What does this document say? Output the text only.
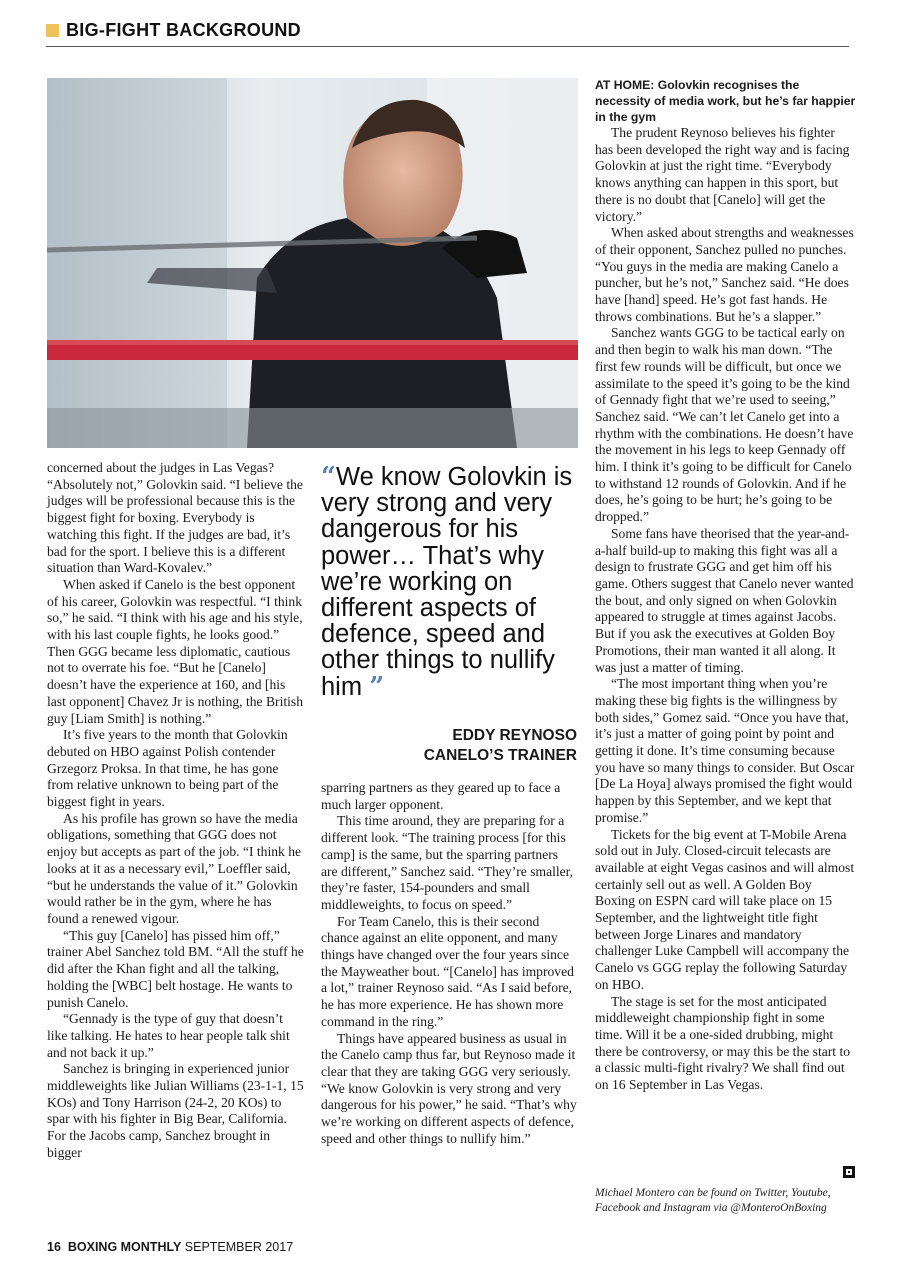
BIG-FIGHT BACKGROUND

concerned about the judges in Las Vegas? “Absolutely not,” Golovkin said. “I believe the judges will be professional because this is the biggest fight for boxing. Everybody is watching this fight. If the judges are bad, it’s bad for the sport. I believe this is a different situation than Ward-Kovalev.”

When asked if Canelo is the best opponent of his career, Golovkin was respectful. “I think so,” he said. “I think with his age and his style, with his last couple fights, he looks good.” Then GGG became less diplomatic, cautious not to overrate his foe. “But he [Canelo] doesn’t have the experience at 160, and [his last opponent] Chavez Jr is nothing, the British guy [Liam Smith] is nothing.”

It’s five years to the month that Golovkin debuted on HBO against Polish contender Grzegorz Proksa. In that time, he has gone from relative unknown to being part of the biggest fight in years.

As his profile has grown so have the media obligations, something that GGG does not enjoy but accepts as part of the job. “I think he looks at it as a necessary evil,” Loeffler said, “but he understands the value of it.” Golovkin would rather be in the gym, where he has found a renewed vigour.

“This guy [Canelo] has pissed him off,” trainer Abel Sanchez told BM. “All the stuff he did after the Khan fight and all the talking, holding the [WBC] belt hostage. He wants to punish Canelo.

“Gennady is the type of guy that doesn’t like talking. He hates to hear people talk shit and not back it up.”

Sanchez is bringing in experienced junior middleweights like Julian Williams (23-1-1, 15 KOs) and Tony Harrison (24-2, 20 KOs) to spar with his fighter in Big Bear, California. For the Jacobs camp, Sanchez brought in bigger

“We know Golovkin is very strong and very dangerous for his power… That’s why we’re working on different aspects of defence, speed and other things to nullify him ”
EDDY REYNOSO
CANELO’S TRAINER

sparring partners as they geared up to face a much larger opponent.

This time around, they are preparing for a different look. “The training process [for this camp] is the same, but the sparring partners are different,” Sanchez said. “They’re smaller, they’re faster, 154-pounders and small middleweights, to focus on speed.”

For Team Canelo, this is their second chance against an elite opponent, and many things have changed over the four years since the Mayweather bout. “[Canelo] has improved a lot,” trainer Reynoso said. “As I said before, he has more experience. He has shown more command in the ring.”

Things have appeared business as usual in the Canelo camp thus far, but Reynoso made it clear that they are taking GGG very seriously. “We know Golovkin is very strong and very dangerous for his power,” he said. “That’s why we’re working on different aspects of defence, speed and other things to nullify him.”

AT HOME: Golovkin recognises the necessity of media work, but he’s far happier in the gym

The prudent Reynoso believes his fighter has been developed the right way and is facing Golovkin at just the right time. “Everybody knows anything can happen in this sport, but there is no doubt that [Canelo] will get the victory.”

When asked about strengths and weaknesses of their opponent, Sanchez pulled no punches. “You guys in the media are making Canelo a puncher, but he’s not,” Sanchez said. “He does have [hand] speed. He’s got fast hands. He throws combinations. But he’s a slapper.”

Sanchez wants GGG to be tactical early on and then begin to walk his man down. “The first few rounds will be difficult, but once we assimilate to the speed it’s going to be the kind of Gennady fight that we’re used to seeing,” Sanchez said. “We can’t let Canelo get into a rhythm with the combinations. He doesn’t have the movement in his legs to keep Gennady off him. I think it’s going to be difficult for Canelo to withstand 12 rounds of Golovkin. And if he does, he’s going to be hurt; he’s going to be dropped.”

Some fans have theorised that the year-and-a-half build-up to making this fight was all a design to frustrate GGG and get him off his game. Others suggest that Canelo never wanted the bout, and only signed on when Golovkin appeared to struggle at times against Jacobs. But if you ask the executives at Golden Boy Promotions, their man wanted it all along. It was just a matter of timing.

“The most important thing when you’re making these big fights is the willingness by both sides,” Gomez said. “Once you have that, it’s just a matter of going point by point and getting it done. It’s time consuming because you have so many things to consider. But Oscar [De La Hoya] always promised the fight would happen by this September, and we kept that promise.”

Tickets for the big event at T-Mobile Arena sold out in July. Closed-circuit telecasts are available at eight Vegas casinos and will almost certainly sell out as well. A Golden Boy Boxing on ESPN card will take place on 15 September, and the lightweight title fight between Jorge Linares and mandatory challenger Luke Campbell will accompany the Canelo vs GGG replay the following Saturday on HBO.

The stage is set for the most anticipated middleweight championship fight in some time. Will it be a one-sided drubbing, might there be controversy, or may this be the start to a classic multi-fight rivalry? We shall find out on 16 September in Las Vegas.

Michael Montero can be found on Twitter, Youtube, Facebook and Instagram via @MonteroOnBoxing
16 BOXING MONTHLY SEPTEMBER 2017
